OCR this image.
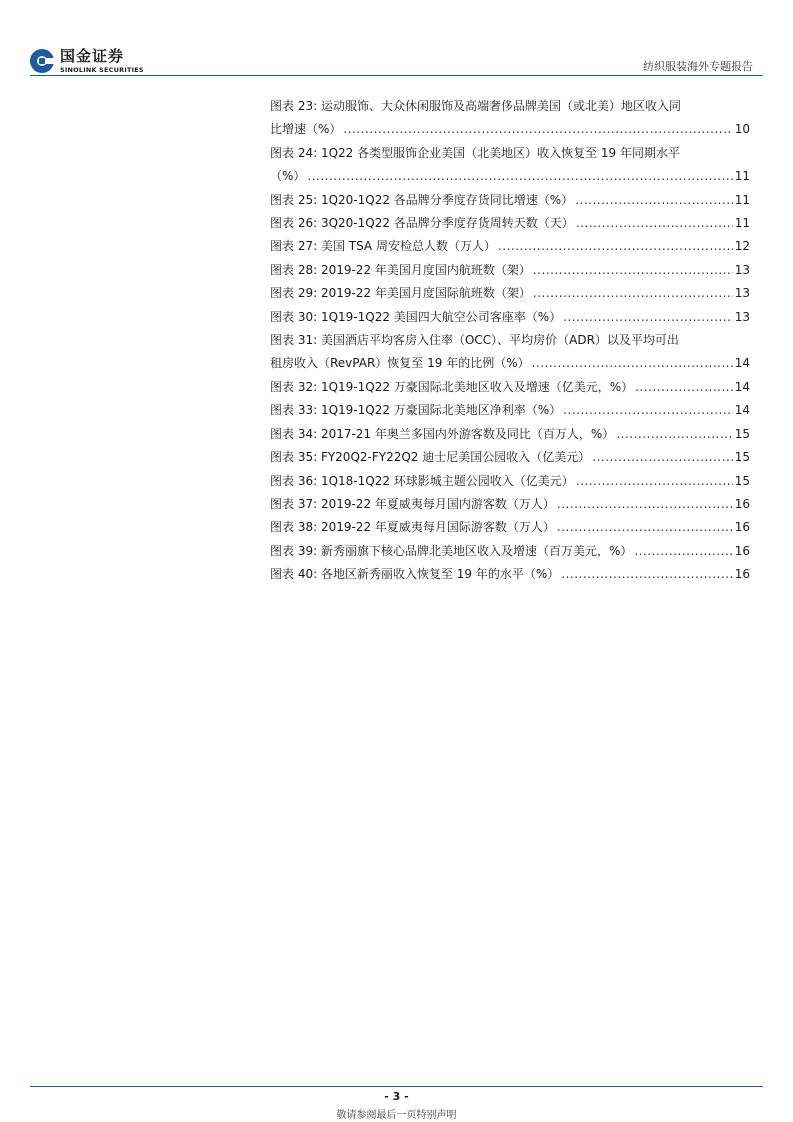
国金证券
SINOLINK SECURITIES	纺织服装海外专题报告
图表 23: 运动服饰、大众休闲服饰及高端奢侈品牌美国（或北美）地区收入同
比增速（%） .....	10
图表 24: 1Q22 各类型服饰企业美国（北美地区）收入恢复至 19 年同期水平
（%） .....	11
图表 25: 1Q20-1Q22 各品牌分季度存货同比增速（%） .....	11
图表 26: 3Q20-1Q22 各品牌分季度存货周转天数（天） .....	11
图表 27: 美国 TSA 周安检总人数（万人） .....	12
图表 28: 2019-22 年美国月度国内航班数（架） .....	13
图表 29: 2019-22 年美国月度国际航班数（架） .....	13
图表 30: 1Q19-1Q22 美国四大航空公司客座率（%） .....	13
图表 31: 美国酒店平均客房入住率（OCC）、平均房价（ADR）以及平均可出
租房收入（RevPAR）恢复至 19 年的比例（%） .....	14
图表 32: 1Q19-1Q22 万豪国际北美地区收入及增速（亿美元，%） .....	14
图表 33: 1Q19-1Q22 万豪国际北美地区净利率（%） .....	14
图表 34: 2017-21 年奥兰多国内外游客数及同比（百万人，%） .....	15
图表 35: FY20Q2-FY22Q2 迪士尼美国公园收入（亿美元） .....	15
图表 36: 1Q18-1Q22 环球影城主题公园收入（亿美元） .....	15
图表 37: 2019-22 年夏威夷每月国内游客数（万人） .....	16
图表 38: 2019-22 年夏威夷每月国际游客数（万人） .....	16
图表 39: 新秀丽旗下核心品牌北美地区收入及增速（百万美元，%） .....	16
图表 40: 各地区新秀丽收入恢复至 19 年的水平（%） .....	16
- 3 -
敬请参阅最后一页特别声明
